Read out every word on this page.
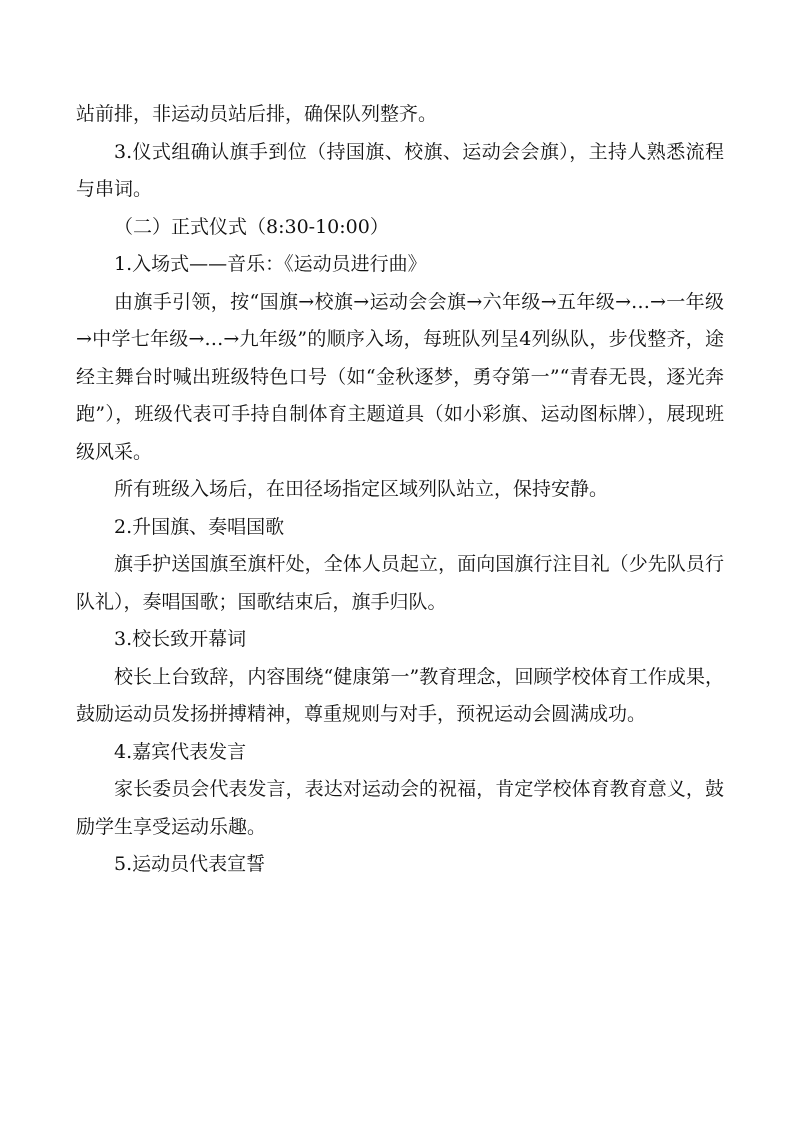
站前排，非运动员站后排，确保队列整齐。

3.仪式组确认旗手到位（持国旗、校旗、运动会会旗），主持人熟悉流程与串词。

（二）正式仪式（8:30-10:00）

1.入场式——音乐：《运动员进行曲》

由旗手引领，按“国旗→校旗→运动会会旗→六年级→五年级→…→一年级→中学七年级→…→九年级”的顺序入场，每班队列呈4列纵队，步伐整齐，途经主舞台时喊出班级特色口号（如“金秋逐梦，勇夺第一”“青春无畏，逐光奔跑”），班级代表可手持自制体育主题道具（如小彩旗、运动图标牌），展现班级风采。

所有班级入场后，在田径场指定区域列队站立，保持安静。

2.升国旗、奏唱国歌

旗手护送国旗至旗杆处，全体人员起立，面向国旗行注目礼（少先队员行队礼），奏唱国歌；国歌结束后，旗手归队。

3.校长致开幕词

校长上台致辞，内容围绕“健康第一”教育理念，回顾学校体育工作成果，鼓励运动员发扬拼搏精神，尊重规则与对手，预祝运动会圆满成功。

4.嘉宾代表发言

家长委员会代表发言，表达对运动会的祝福，肯定学校体育教育意义，鼓励学生享受运动乐趣。

5.运动员代表宣誓
